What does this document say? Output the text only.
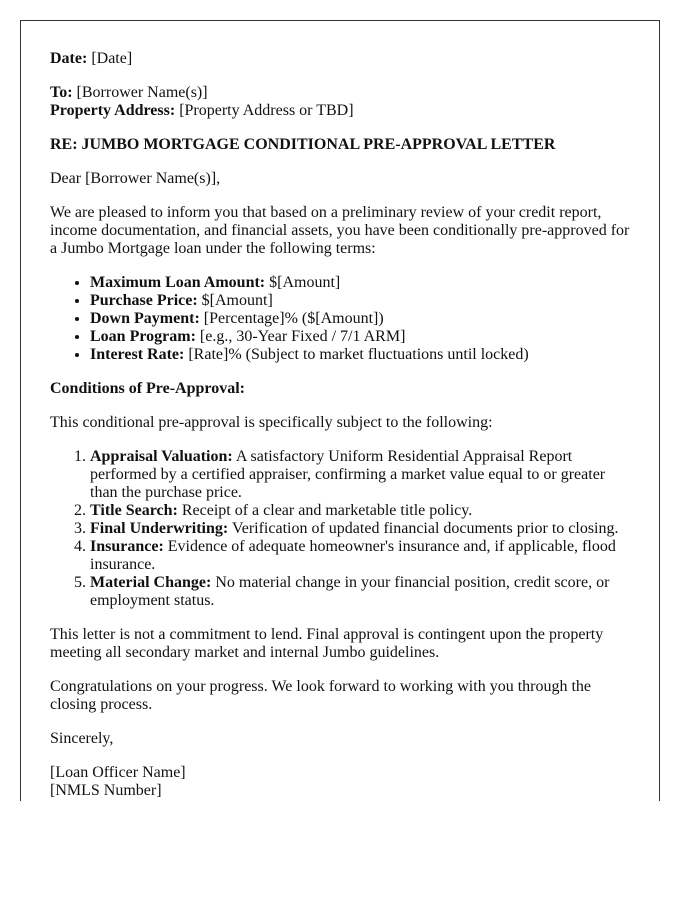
Date: [Date]

To: [Borrower Name(s)]
Property Address: [Property Address or TBD]

RE: JUMBO MORTGAGE CONDITIONAL PRE-APPROVAL LETTER

Dear [Borrower Name(s)],

We are pleased to inform you that based on a preliminary review of your credit report, income documentation, and financial assets, you have been conditionally pre-approved for a Jumbo Mortgage loan under the following terms:

• Maximum Loan Amount: $[Amount]
• Purchase Price: $[Amount]
• Down Payment: [Percentage]% ($[Amount])
• Loan Program: [e.g., 30-Year Fixed / 7/1 ARM]
• Interest Rate: [Rate]% (Subject to market fluctuations until locked)

Conditions of Pre-Approval:

This conditional pre-approval is specifically subject to the following:

1. Appraisal Valuation: A satisfactory Uniform Residential Appraisal Report performed by a certified appraiser, confirming a market value equal to or greater than the purchase price.
2. Title Search: Receipt of a clear and marketable title policy.
3. Final Underwriting: Verification of updated financial documents prior to closing.
4. Insurance: Evidence of adequate homeowner's insurance and, if applicable, flood insurance.
5. Material Change: No material change in your financial position, credit score, or employment status.

This letter is not a commitment to lend. Final approval is contingent upon the property meeting all secondary market and internal Jumbo guidelines.

Congratulations on your progress. We look forward to working with you through the closing process.

Sincerely,

[Loan Officer Name]
[NMLS Number]
